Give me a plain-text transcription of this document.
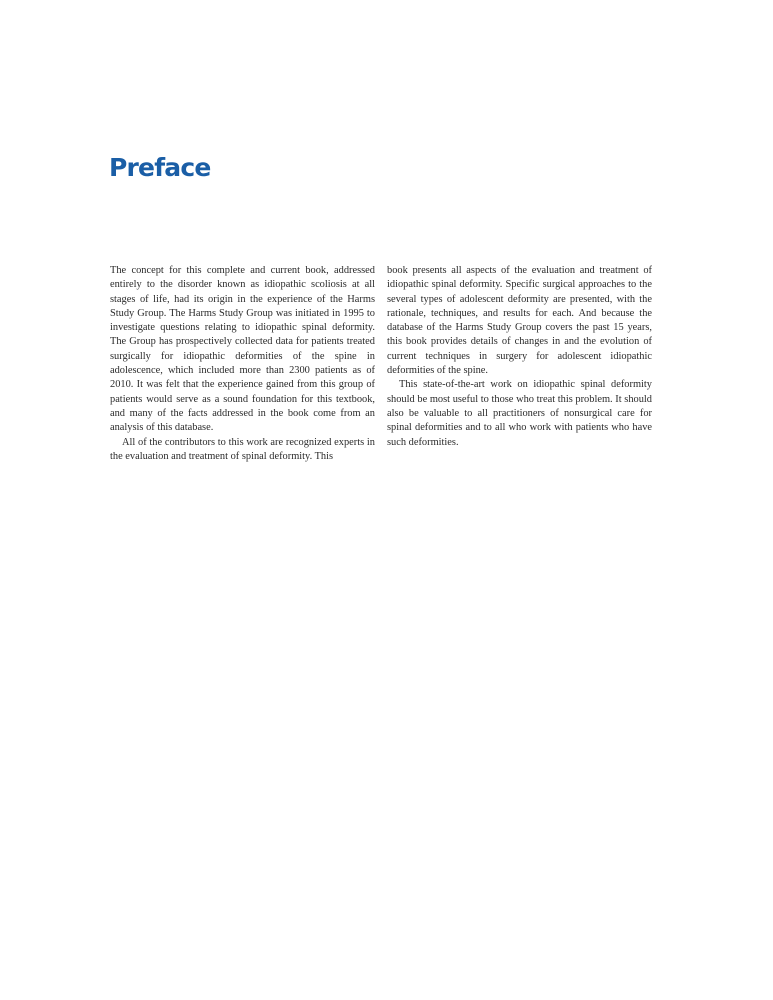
Preface

The concept for this complete and current book, addressed entirely to the disorder known as idiopathic scoliosis at all stages of life, had its origin in the experience of the Harms Study Group. The Harms Study Group was initiated in 1995 to investigate questions relating to idiopathic spinal deformity. The Group has prospectively collected data for patients treated surgically for idiopathic deformities of the spine in adolescence, which included more than 2300 patients as of 2010. It was felt that the experience gained from this group of patients would serve as a sound foundation for this textbook, and many of the facts addressed in the book come from an analysis of this database.

All of the contributors to this work are recognized experts in the evaluation and treatment of spinal deformity. This

book presents all aspects of the evaluation and treatment of idiopathic spinal deformity. Specific surgical approaches to the several types of adolescent deformity are presented, with the rationale, techniques, and results for each. And because the database of the Harms Study Group covers the past 15 years, this book provides details of changes in and the evolution of current techniques in surgery for adolescent idiopathic deformities of the spine.

This state-of-the-art work on idiopathic spinal deformity should be most useful to those who treat this problem. It should also be valuable to all practitioners of nonsurgical care for spinal deformities and to all who work with patients who have such deformities.
